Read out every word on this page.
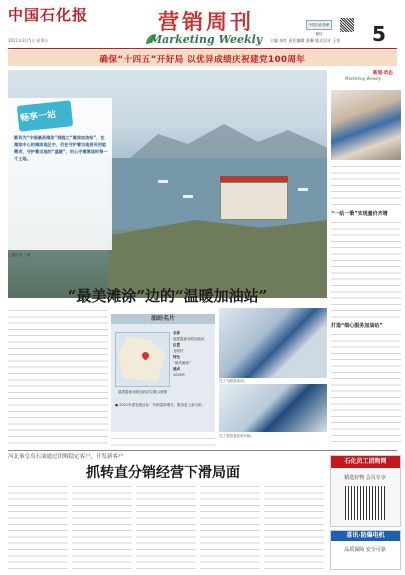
中国石化报
2021年3月5日 星期五
营销周刊
Marketing Weekly
中国石化营销微信	5
主编 朱红 责任编辑 张琳 版式设计 王怡
确保“十四五”开好局 以优异成绩庆祝建党100周年
畅享一站
都有为“中国最美滩涂”洞庭之“滩涂加油站”，在滩涂中心的滩涂地区中，仍在守护着当地居民用能需求，守护着当地的“温暖”，用心守着滩涂的每一寸土地。
“最美滩涂”边的“温暖加油站”
□通讯员 王琦
油站名片
福建霞浦北岐加油站位置示意图
名称
福建霞浦北岐加油站
位置
北岐村
特色
“最美滩涂”
建成
2005年
● 2021年度发展目标：年销量再增长，服务更上新台阶。
员工为顾客加油。
员工帮游客检查车辆。
新闻·动态
Marketing Weekly
“一站一策”实现量价齐增
打造“细心服务加油站”
河北秦皇岛石油通过团购稳定客户，开发新客户
抓转直分销经营下滑局面
石化员工团购网
精选好物 会员专享
喜讯·防爆电机
品质保障 安全可靠
